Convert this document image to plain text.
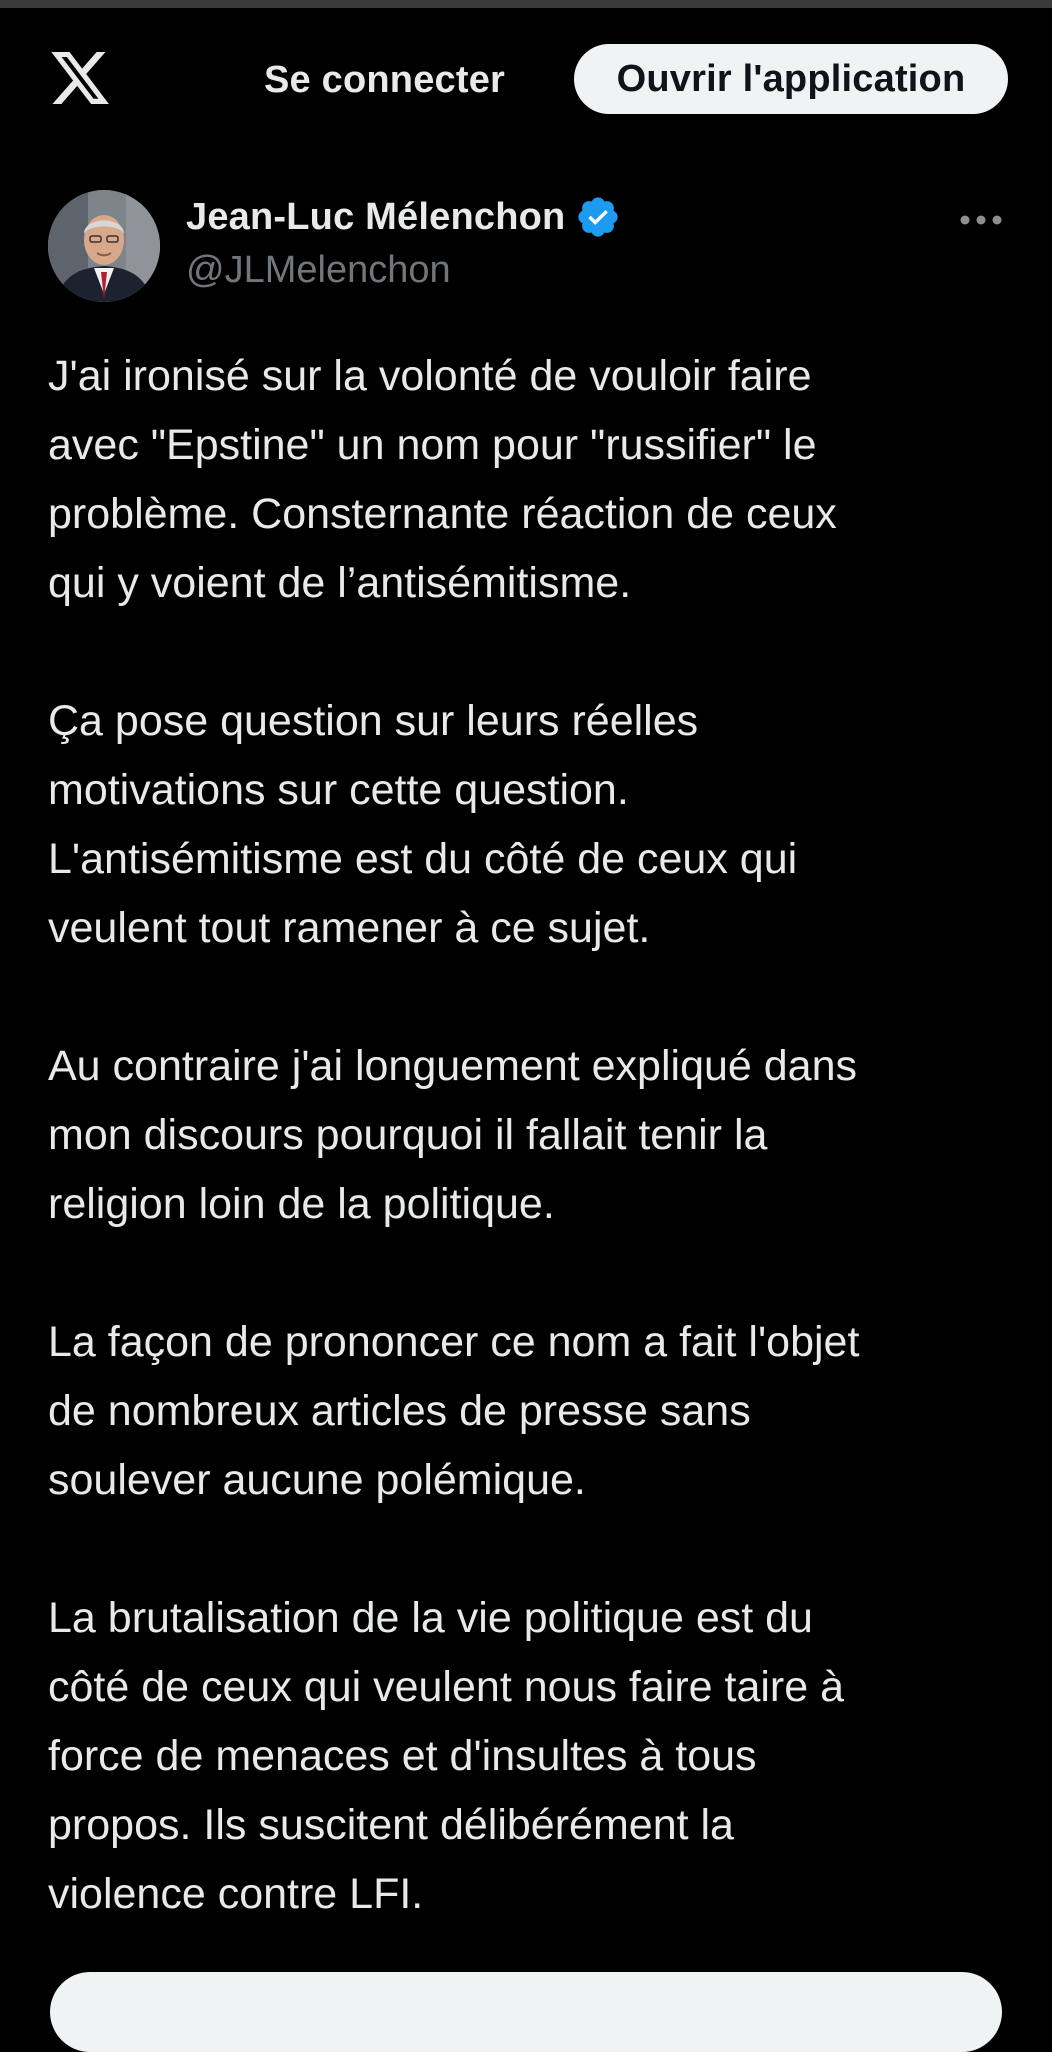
Se connecter	Ouvrir l'application
Jean-Luc Mélenchon
@JLMelenchon

J'ai ironisé sur la volonté de vouloir faire
avec "Epstine" un nom pour "russifier" le
problème. Consternante réaction de ceux
qui y voient de l’antisémitisme.

Ça pose question sur leurs réelles
motivations sur cette question.
L'antisémitisme est du côté de ceux qui
veulent tout ramener à ce sujet.

Au contraire j'ai longuement expliqué dans
mon discours pourquoi il fallait tenir la
religion loin de la politique.

La façon de prononcer ce nom a fait l'objet
de nombreux articles de presse sans
soulever aucune polémique.

La brutalisation de la vie politique est du
côté de ceux qui veulent nous faire taire à
force de menaces et d'insultes à tous
propos. Ils suscitent délibérément la
violence contre LFI.
